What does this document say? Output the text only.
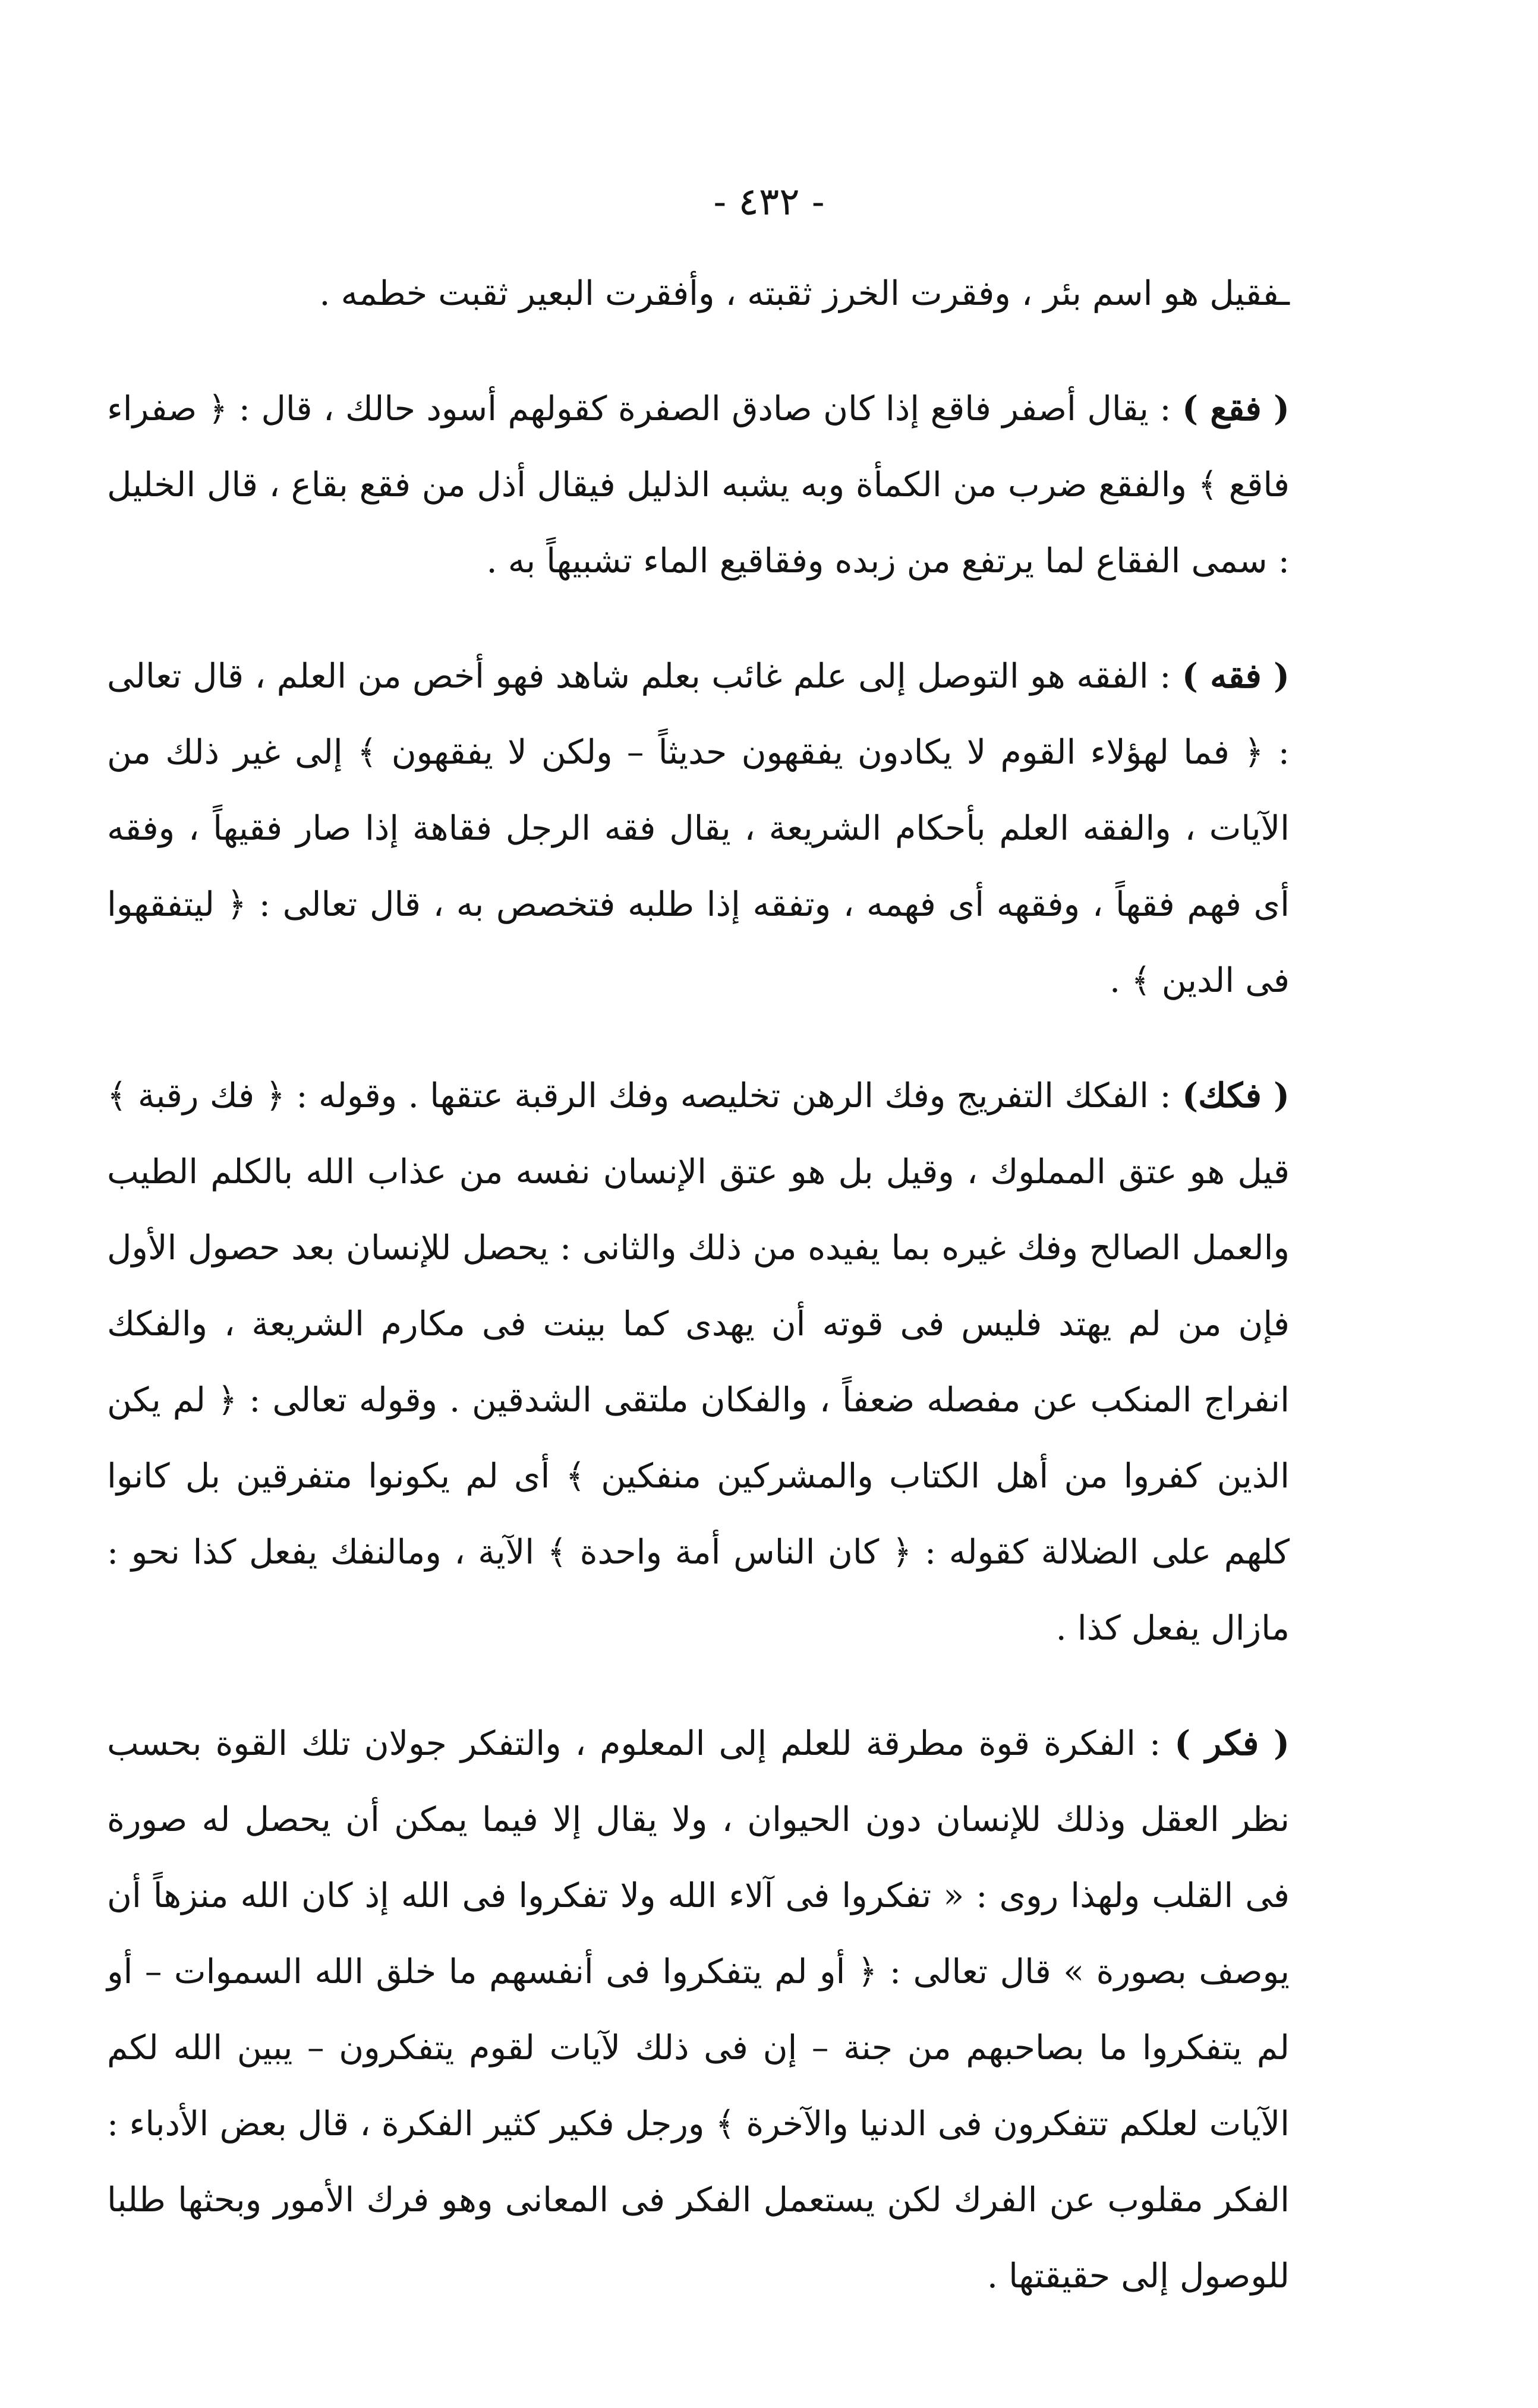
- ٤٣٢ -

ـفقيل هو اسم بئر ، وفقرت الخرز ثقبته ، وأفقرت البعير ثقبت خطمه .

( فقع ) : يقال أصفر فاقع إذا كان صادق الصفرة كقولهم أسود حالك ، قال : ﴿ صفراء فاقع ﴾ والفقع ضرب من الكمأة وبه يشبه الذليل فيقال أذل من فقع بقاع ، قال الخليل : سمى الفقاع لما يرتفع من زبده وفقاقيع الماء تشبيهاً به .

( فقه ) : الفقه هو التوصل إلى علم غائب بعلم شاهد فهو أخص من العلم ، قال تعالى : ﴿ فما لهؤلاء القوم لا يكادون يفقهون حديثاً – ولكن لا يفقهون ﴾ إلى غير ذلك من الآيات ، والفقه العلم بأحكام الشريعة ، يقال فقه الرجل فقاهة إذا صار فقيهاً ، وفقه أى فهم فقهاً ، وفقهه أى فهمه ، وتفقه إذا طلبه فتخصص به ، قال تعالى : ﴿ ليتفقهوا فى الدين ﴾ .

( فكك) : الفكك التفريج وفك الرهن تخليصه وفك الرقبة عتقها . وقوله : ﴿ فك رقبة ﴾ قيل هو عتق المملوك ، وقيل بل هو عتق الإنسان نفسه من عذاب الله بالكلم الطيب والعمل الصالح وفك غيره بما يفيده من ذلك والثانى : يحصل للإنسان بعد حصول الأول فإن من لم يهتد فليس فى قوته أن يهدى كما بينت فى مكارم الشريعة ، والفكك انفراج المنكب عن مفصله ضعفاً ، والفكان ملتقى الشدقين . وقوله تعالى : ﴿ لم يكن الذين كفروا من أهل الكتاب والمشركين منفكين ﴾ أى لم يكونوا متفرقين بل كانوا كلهم على الضلالة كقوله : ﴿ كان الناس أمة واحدة ﴾ الآية ، ومالنفك يفعل كذا نحو : مازال يفعل كذا .

( فكر ) : الفكرة قوة مطرقة للعلم إلى المعلوم ، والتفكر جولان تلك القوة بحسب نظر العقل وذلك للإنسان دون الحيوان ، ولا يقال إلا فيما يمكن أن يحصل له صورة فى القلب ولهذا روى : « تفكروا فى آلاء الله ولا تفكروا فى الله إذ كان الله منزهاً أن يوصف بصورة » قال تعالى : ﴿ أو لم يتفكروا فى أنفسهم ما خلق الله السموات – أو لم يتفكروا ما بصاحبهم من جنة – إن فى ذلك لآيات لقوم يتفكرون – يبين الله لكم الآيات لعلكم تتفكرون فى الدنيا والآخرة ﴾ ورجل فكير كثير الفكرة ، قال بعض الأدباء : الفكر مقلوب عن الفرك لكن يستعمل الفكر فى المعانى وهو فرك الأمور وبحثها طلبا للوصول إلى حقيقتها .
